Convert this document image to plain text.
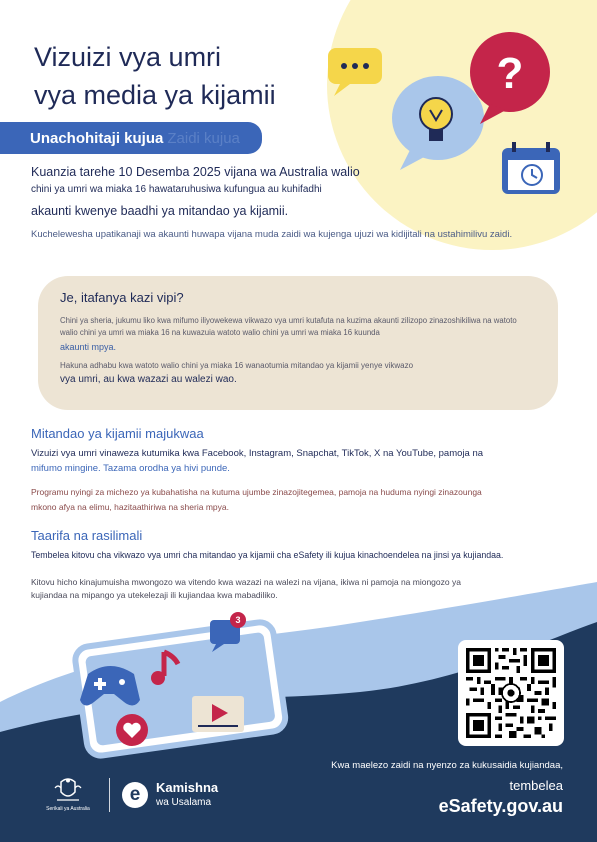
?
Vizuizi vya umri
vya media ya kijamii
Unachohitaji kujua Zaidi kujua
Kuanzia tarehe 10 Desemba 2025 vijana wa Australia walio
chini ya umri wa miaka 16 hawataruhusiwa kufungua au kuhifadhi
akaunti kwenye baadhi ya mitandao ya kijamii.
Kuchelewesha upatikanaji wa akaunti huwapa vijana muda zaidi wa kujenga ujuzi wa kidijitali na ustahimilivu zaidi.
Je, itafanya kazi vipi?
Chini ya sheria, jukumu liko kwa mifumo iliyowekewa vikwazo vya umri kutafuta na kuzima akaunti zilizopo zinazoshikiliwa na watoto walio chini ya umri wa miaka 16 na kuwazuia watoto walio chini ya umri wa miaka 16 kuunda
akaunti mpya.
Hakuna adhabu kwa watoto walio chini ya miaka 16 wanaotumia mitandao ya kijamii yenye vikwazo
vya umri, au kwa wazazi au walezi wao.
Mitandao ya kijamii majukwaa
Vizuizi vya umri vinaweza kutumika kwa Facebook, Instagram, Snapchat, TikTok, X na YouTube, pamoja na
mifumo mingine. Tazama orodha ya hivi punde.
Programu nyingi za michezo ya kubahatisha na kutuma ujumbe zinazojitegemea, pamoja na huduma nyingi zinazounga
mkono afya na elimu, hazitaathiriwa na sheria mpya.
Taarifa na rasilimali
Tembelea kitovu cha vikwazo vya umri cha mitandao ya kijamii cha eSafety ili kujua kinachoendelea na jinsi ya kujiandaa.
Kitovu hicho kinajumuisha mwongozo wa vitendo kwa wazazi na walezi na vijana, ikiwa ni pamoja na miongozo ya kujiandaa na mipango ya utekelezaji ili kujiandaa kwa mabadiliko.
3
Kwa maelezo zaidi na nyenzo za kukusaidia kujiandaa,
tembelea
eSafety.gov.au
Serikali ya Australia
e	Kamishna
wa Usalama
